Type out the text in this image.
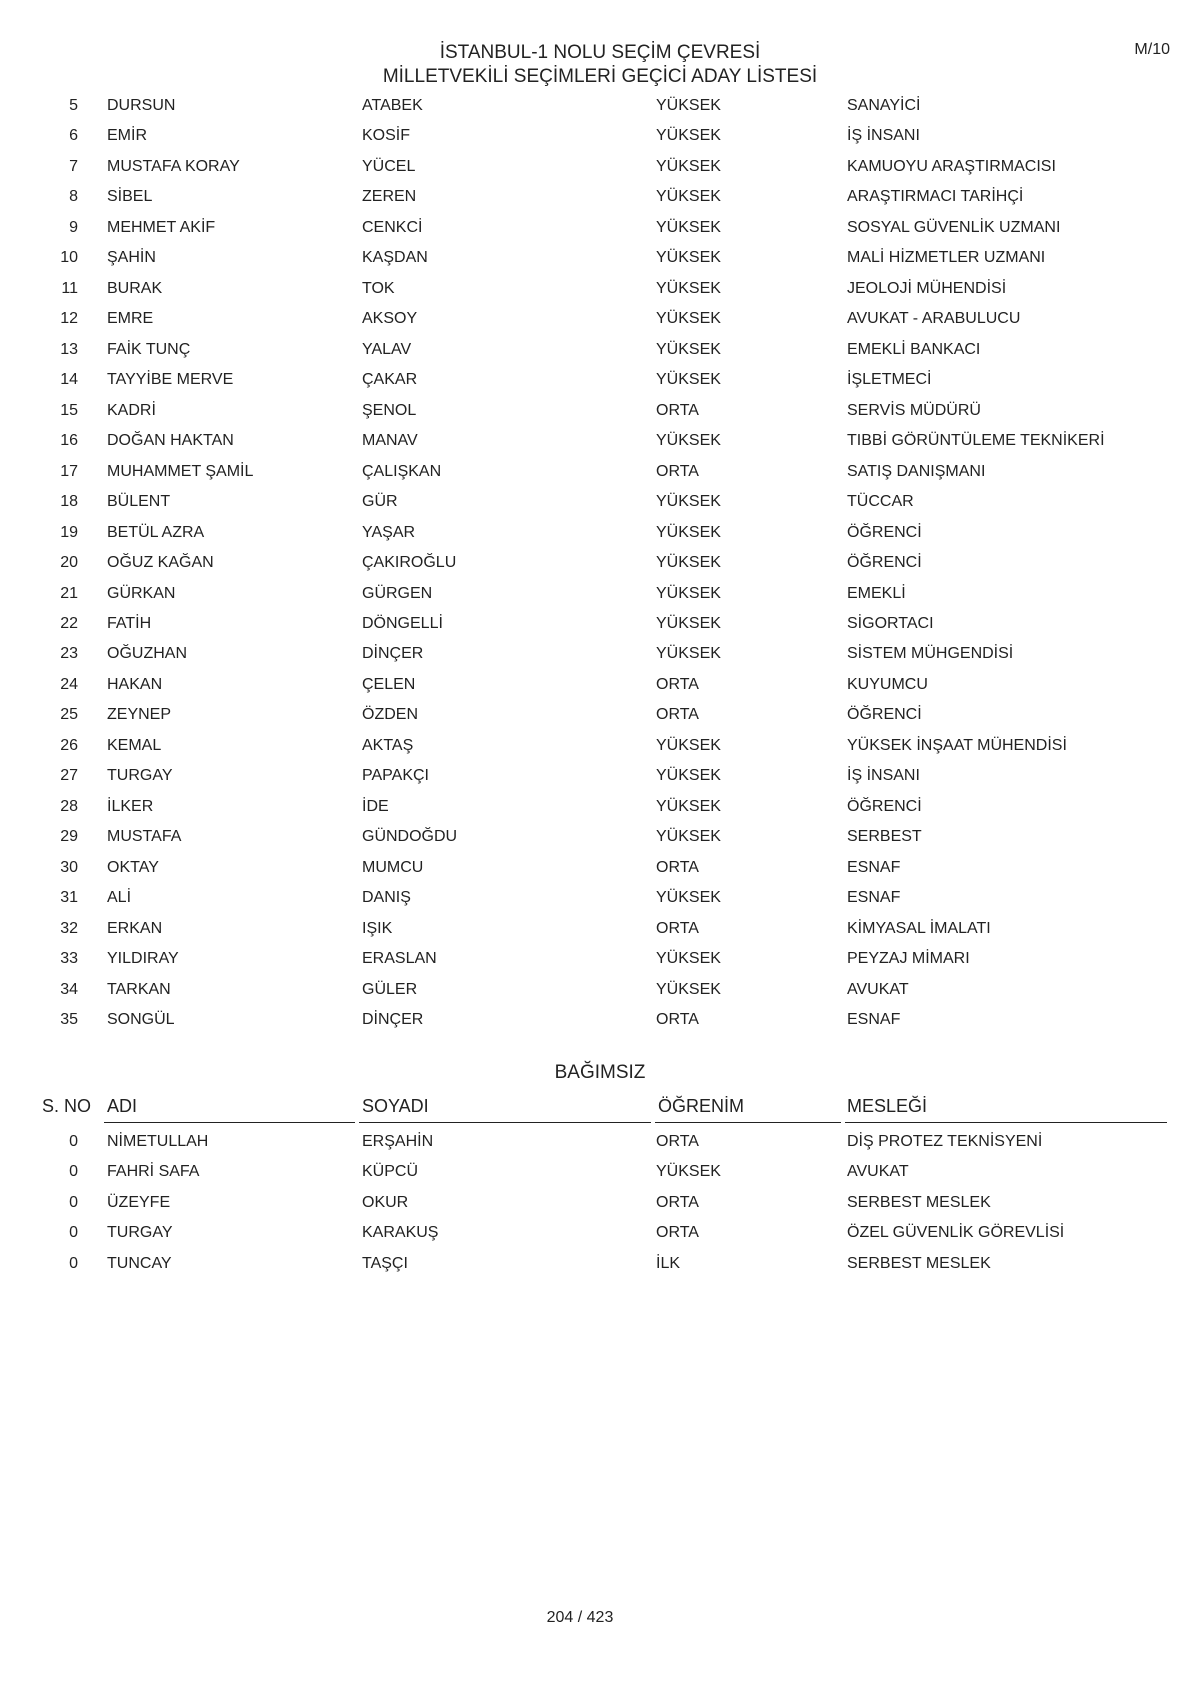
İSTANBUL-1 NOLU SEÇİM ÇEVRESİ
MİLLETVEKİLİ SEÇİMLERİ GEÇİCİ ADAY LİSTESİ
M/10
5 DURSUN	ATABEK	YÜKSEK	SANAYİCİ
6 EMİR	KOSİF	YÜKSEK	İŞ İNSANI
7 MUSTAFA KORAY	YÜCEL	YÜKSEK	KAMUOYU ARAŞTIRMACISI
8 SİBEL	ZEREN	YÜKSEK	ARAŞTIRMACI TARİHÇİ
9 MEHMET AKİF	CENKCİ	YÜKSEK	SOSYAL GÜVENLİK UZMANI
10 ŞAHİN	KAŞDAN	YÜKSEK	MALİ HİZMETLER UZMANI
11 BURAK	TOK	YÜKSEK	JEOLOJİ MÜHENDİSİ
12 EMRE	AKSOY	YÜKSEK	AVUKAT - ARABULUCU
13 FAİK TUNÇ	YALAV	YÜKSEK	EMEKLİ BANKACI
14 TAYYİBE MERVE	ÇAKAR	YÜKSEK	İŞLETMECİ
15 KADRİ	ŞENOL	ORTA	SERVİS MÜDÜRÜ
16 DOĞAN HAKTAN	MANAV	YÜKSEK	TIBBİ GÖRÜNTÜLEME TEKNİKERİ
17 MUHAMMET ŞAMİL	ÇALIŞKAN	ORTA	SATIŞ DANIŞMANI
18 BÜLENT	GÜR	YÜKSEK	TÜCCAR
19 BETÜL AZRA	YAŞAR	YÜKSEK	ÖĞRENCİ
20 OĞUZ KAĞAN	ÇAKIROĞLU	YÜKSEK	ÖĞRENCİ
21 GÜRKAN	GÜRGEN	YÜKSEK	EMEKLİ
22 FATİH	DÖNGELLİ	YÜKSEK	SİGORTACI
23 OĞUZHAN	DİNÇER	YÜKSEK	SİSTEM MÜHGENDİSİ
24 HAKAN	ÇELEN	ORTA	KUYUMCU
25 ZEYNEP	ÖZDEN	ORTA	ÖĞRENCİ
26 KEMAL	AKTAŞ	YÜKSEK	YÜKSEK İNŞAAT MÜHENDİSİ
27 TURGAY	PAPAKÇI	YÜKSEK	İŞ İNSANI
28 İLKER	İDE	YÜKSEK	ÖĞRENCİ
29 MUSTAFA	GÜNDOĞDU	YÜKSEK	SERBEST
30 OKTAY	MUMCU	ORTA	ESNAF
31 ALİ	DANIŞ	YÜKSEK	ESNAF
32 ERKAN	IŞIK	ORTA	KİMYASAL İMALATI
33 YILDIRAY	ERASLAN	YÜKSEK	PEYZAJ MİMARI
34 TARKAN	GÜLER	YÜKSEK	AVUKAT
35 SONGÜL	DİNÇER	ORTA	ESNAF
BAĞIMSIZ
S. NO ADI	SOYADI	ÖĞRENİM	MESLEĞİ
0 NİMETULLAH	ERŞAHİN	ORTA	DİŞ PROTEZ TEKNİSYENİ
0 FAHRİ SAFA	KÜPCÜ	YÜKSEK	AVUKAT
0 ÜZEYFE	OKUR	ORTA	SERBEST MESLEK
0 TURGAY	KARAKUŞ	ORTA	ÖZEL GÜVENLİK GÖREVLİSİ
0 TUNCAY	TAŞÇI	İLK	SERBEST MESLEK
204 / 423
